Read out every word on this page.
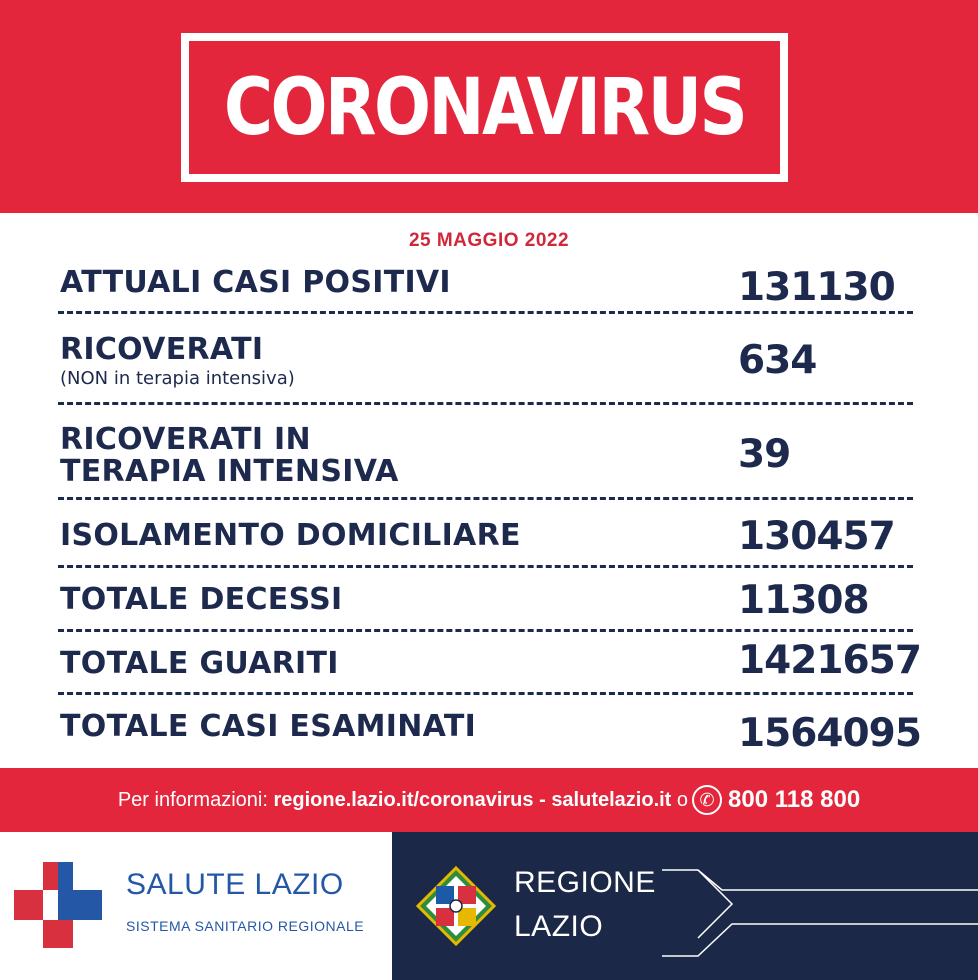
CORONAVIRUS
25 MAGGIO 2022
ATTUALI CASI POSITIVI	131130
RICOVERATI
(NON in terapia intensiva)	634
RICOVERATI IN
TERAPIA INTENSIVA	39
ISOLAMENTO DOMICILIARE	130457
TOTALE DECESSI	11308
TOTALE GUARITI	1421657
TOTALE CASI ESAMINATI	1564095
Per informazioni:
regione.lazio.it/coronavirus
-
salutelazio.it
o ✆ 800 118 800
SALUTE LAZIO
SISTEMA SANITARIO REGIONALE
REGIONE
LAZIO
